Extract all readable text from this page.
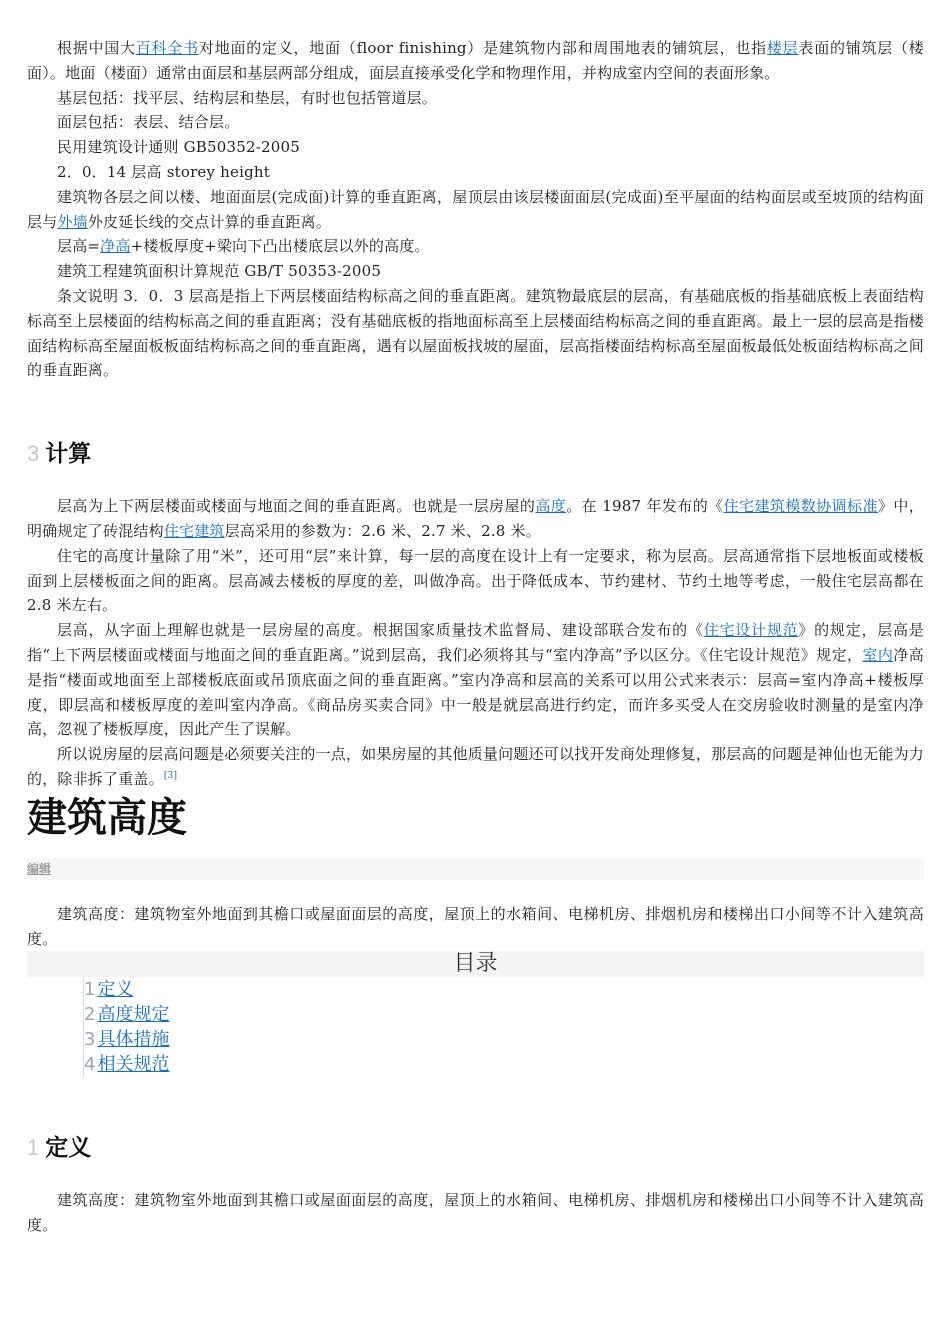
根据中国大百科全书对地面的定义，地面（floor finishing）是建筑物内部和周围地表的铺筑层，也指楼层表面的铺筑层（楼面）。地面（楼面）通常由面层和基层两部分组成，面层直接承受化学和物理作用，并构成室内空间的表面形象。

基层包括：找平层、结构层和垫层，有时也包括管道层。

面层包括：表层、结合层。

民用建筑设计通则 GB50352-2005

2．0．14 层高 storey height

建筑物各层之间以楼、地面面层(完成面)计算的垂直距离，屋顶层由该层楼面面层(完成面)至平屋面的结构面层或至坡顶的结构面层与外墙外皮延长线的交点计算的垂直距离。

层高=净高+楼板厚度+梁向下凸出楼底层以外的高度。

建筑工程建筑面积计算规范 GB/T 50353-2005

条文说明 3．0．3 层高是指上下两层楼面结构标高之间的垂直距离。建筑物最底层的层高，有基础底板的指基础底板上表面结构标高至上层楼面的结构标高之间的垂直距离；没有基础底板的指地面标高至上层楼面结构标高之间的垂直距离。最上一层的层高是指楼面结构标高至屋面板板面结构标高之间的垂直距离，遇有以屋面板找坡的屋面，层高指楼面结构标高至屋面板最低处板面结构标高之间的垂直距离。

3 计算

层高为上下两层楼面或楼面与地面之间的垂直距离。也就是一层房屋的高度。在 1987 年发布的《住宅建筑模数协调标准》中，明确规定了砖混结构住宅建筑层高采用的参数为：2.6 米、2.7 米、2.8 米。

住宅的高度计量除了用“米”，还可用“层”来计算，每一层的高度在设计上有一定要求，称为层高。层高通常指下层地板面或楼板面到上层楼板面之间的距离。层高减去楼板的厚度的差，叫做净高。出于降低成本、节约建材、节约土地等考虑，一般住宅层高都在 2.8 米左右。

层高，从字面上理解也就是一层房屋的高度。根据国家质量技术监督局、建设部联合发布的《住宅设计规范》的规定，层高是指“上下两层楼面或楼面与地面之间的垂直距离。”说到层高，我们必须将其与“室内净高”予以区分。《住宅设计规范》规定，室内净高是指“楼面或地面至上部楼板底面或吊顶底面之间的垂直距离。”室内净高和层高的关系可以用公式来表示：层高=室内净高+楼板厚度，即层高和楼板厚度的差叫室内净高。《商品房买卖合同》中一般是就层高进行约定，而许多买受人在交房验收时测量的是室内净高，忽视了楼板厚度，因此产生了误解。

所以说房屋的层高问题是必须要关注的一点，如果房屋的其他质量问题还可以找开发商处理修复，那层高的问题是神仙也无能为力的，除非拆了重盖。[3]

建筑高度
编辑

建筑高度：建筑物室外地面到其檐口或屋面面层的高度，屋顶上的水箱间、电梯机房、排烟机房和楼梯出口小间等不计入建筑高度。

目录
1 定义
2 高度规定
3 具体措施
4 相关规范
1 定义

建筑高度：建筑物室外地面到其檐口或屋面面层的高度，屋顶上的水箱间、电梯机房、排烟机房和楼梯出口小间等不计入建筑高度。
